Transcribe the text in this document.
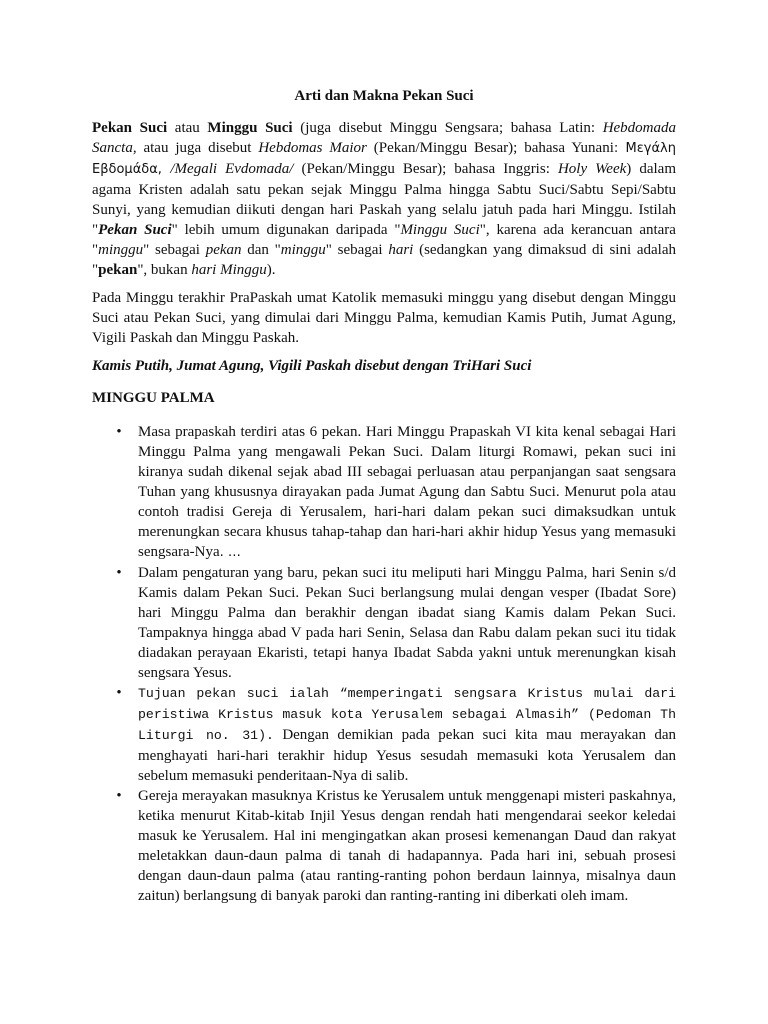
Arti dan Makna Pekan Suci

Pekan Suci atau Minggu Suci (juga disebut Minggu Sengsara; bahasa Latin: Hebdomada Sancta, atau juga disebut Hebdomas Maior (Pekan/Minggu Besar); bahasa Yunani: Μεγάλη Εβδομάδα, /Megali Evdomada/ (Pekan/Minggu Besar); bahasa Inggris: Holy Week) dalam agama Kristen adalah satu pekan sejak Minggu Palma hingga Sabtu Suci/Sabtu Sepi/Sabtu Sunyi, yang kemudian diikuti dengan hari Paskah yang selalu jatuh pada hari Minggu. Istilah "Pekan Suci" lebih umum digunakan daripada "Minggu Suci", karena ada kerancuan antara "minggu" sebagai pekan dan "minggu" sebagai hari (sedangkan yang dimaksud di sini adalah "pekan", bukan hari Minggu).

Pada Minggu terakhir PraPaskah umat Katolik memasuki minggu yang disebut dengan Minggu Suci atau Pekan Suci, yang dimulai dari Minggu Palma, kemudian Kamis Putih, Jumat Agung, Vigili Paskah dan Minggu Paskah.

Kamis Putih, Jumat Agung, Vigili Paskah disebut dengan TriHari Suci
MINGGU PALMA
• Masa prapaskah terdiri atas 6 pekan. Hari Minggu Prapaskah VI kita kenal sebagai Hari Minggu Palma yang mengawali Pekan Suci. Dalam liturgi Romawi, pekan suci ini kiranya sudah dikenal sejak abad III sebagai perluasan atau perpanjangan saat sengsara Tuhan yang khususnya dirayakan pada Jumat Agung dan Sabtu Suci. Menurut pola atau contoh tradisi Gereja di Yerusalem, hari-hari dalam pekan suci dimaksudkan untuk merenungkan secara khusus tahap-tahap dan hari-hari akhir hidup Yesus yang memasuki sengsara-Nya. …
• Dalam pengaturan yang baru, pekan suci itu meliputi hari Minggu Palma, hari Senin s/d Kamis dalam Pekan Suci. Pekan Suci berlangsung mulai dengan vesper (Ibadat Sore) hari Minggu Palma dan berakhir dengan ibadat siang Kamis dalam Pekan Suci. Tampaknya hingga abad V pada hari Senin, Selasa dan Rabu dalam pekan suci itu tidak diadakan perayaan Ekaristi, tetapi hanya Ibadat Sabda yakni untuk merenungkan kisah sengsara Yesus.
• Tujuan pekan suci ialah “memperingati sengsara Kristus mulai dari peristiwa Kristus masuk kota Yerusalem sebagai Almasih” (Pedoman Th Liturgi no. 31). Dengan demikian pada pekan suci kita mau merayakan dan menghayati hari-hari terakhir hidup Yesus sesudah memasuki kota Yerusalem dan sebelum memasuki penderitaan-Nya di salib.
• Gereja merayakan masuknya Kristus ke Yerusalem untuk menggenapi misteri paskahnya, ketika menurut Kitab-kitab Injil Yesus dengan rendah hati mengendarai seekor keledai masuk ke Yerusalem. Hal ini mengingatkan akan prosesi kemenangan Daud dan rakyat meletakkan daun-daun palma di tanah di hadapannya. Pada hari ini, sebuah prosesi dengan daun-daun palma (atau ranting-ranting pohon berdaun lainnya, misalnya daun zaitun) berlangsung di banyak paroki dan ranting-ranting ini diberkati oleh imam.
